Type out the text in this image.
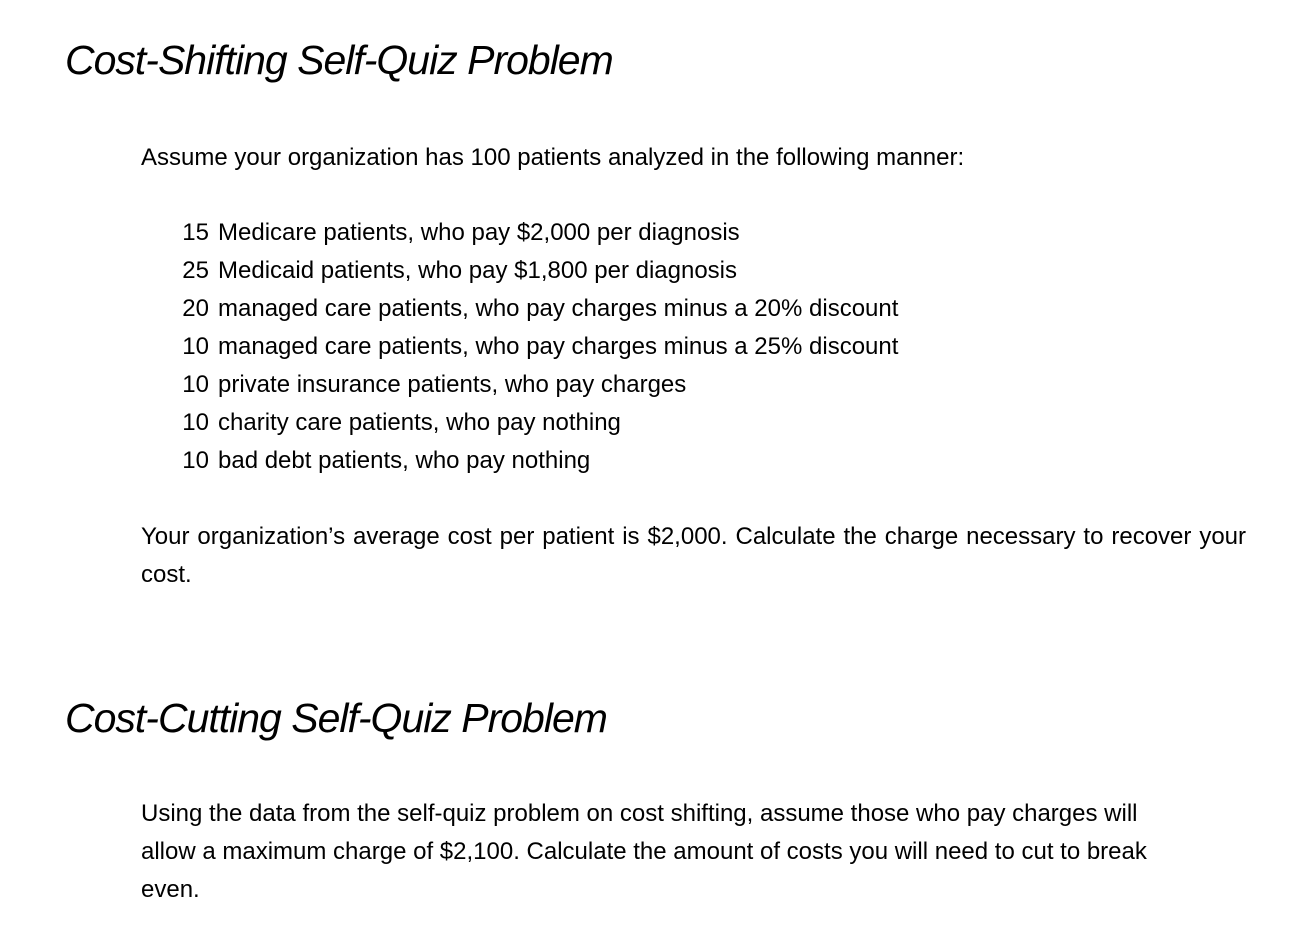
Cost-Shifting Self-Quiz Problem

Assume your organization has 100 patients analyzed in the following manner:

15 Medicare patients, who pay $2,000 per diagnosis
25 Medicaid patients, who pay $1,800 per diagnosis
20 managed care patients, who pay charges minus a 20% discount
10 managed care patients, who pay charges minus a 25% discount
10 private insurance patients, who pay charges
10 charity care patients, who pay nothing
10 bad debt patients, who pay nothing

Your organization’s average cost per patient is $2,000. Calculate the charge necessary to recover your cost.

Cost-Cutting Self-Quiz Problem

Using the data from the self-quiz problem on cost shifting, assume those who pay charges will allow a maximum charge of $2,100. Calculate the amount of costs you will need to cut to break even.
